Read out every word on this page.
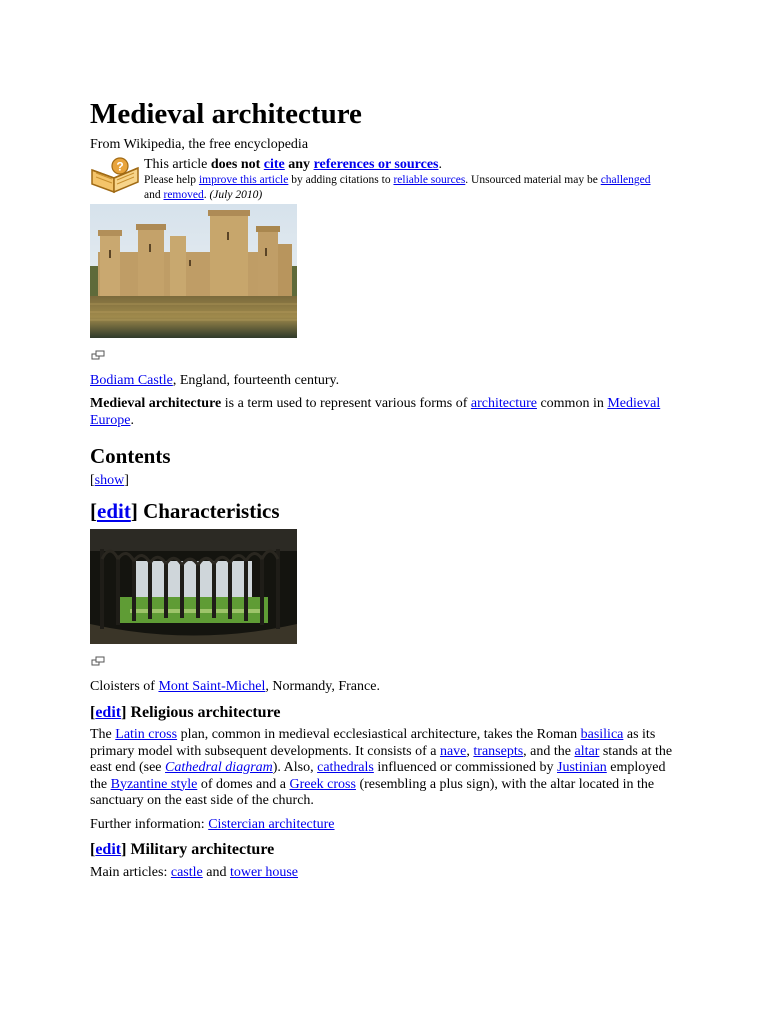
Medieval architecture
From Wikipedia, the free encyclopedia
? This article does not cite any references or sources.
Please help improve this article by adding citations to reliable sources. Unsourced material may be challenged and removed. (July 2010)
Bodiam Castle, England, fourteenth century.
Medieval architecture is a term used to represent various forms of architecture common in Medieval Europe.
Contents
[show]
[edit] Characteristics
Cloisters of Mont Saint-Michel, Normandy, France.
[edit] Religious architecture
The Latin cross plan, common in medieval ecclesiastical architecture, takes the Roman basilica as its primary model with subsequent developments. It consists of a nave, transepts, and the altar stands at the east end (see Cathedral diagram). Also, cathedrals influenced or commissioned by Justinian employed the Byzantine style of domes and a Greek cross (resembling a plus sign), with the altar located in the sanctuary on the east side of the church.
Further information: Cistercian architecture
[edit] Military architecture
Main articles: castle and tower house
